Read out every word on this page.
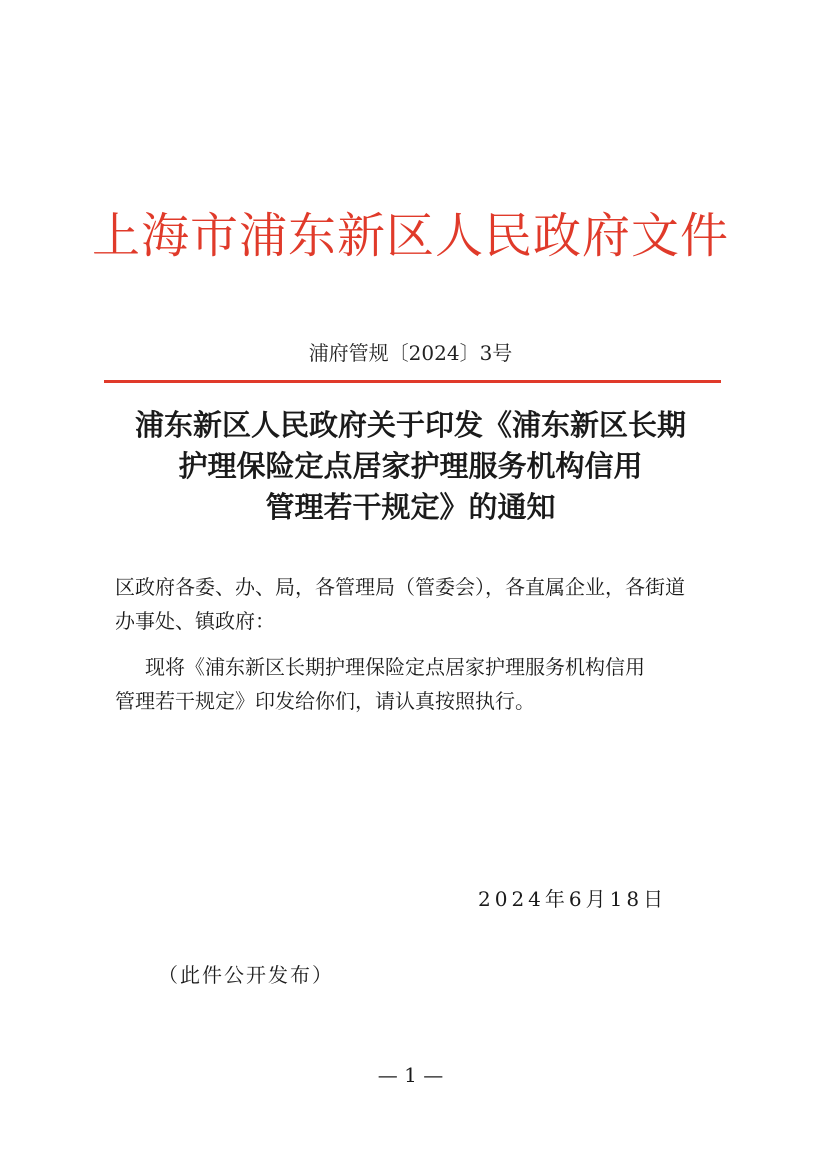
上海市浦东新区人民政府文件
浦府管规〔2024〕3号
浦东新区人民政府关于印发《浦东新区长期
护理保险定点居家护理服务机构信用
管理若干规定》的通知
区政府各委、办、局，各管理局（管委会），各直属企业，各街道
办事处、镇政府：
现将《浦东新区长期护理保险定点居家护理服务机构信用
管理若干规定》印发给你们，请认真按照执行。
2024年6月18日
（此件公开发布）
— 1 —
